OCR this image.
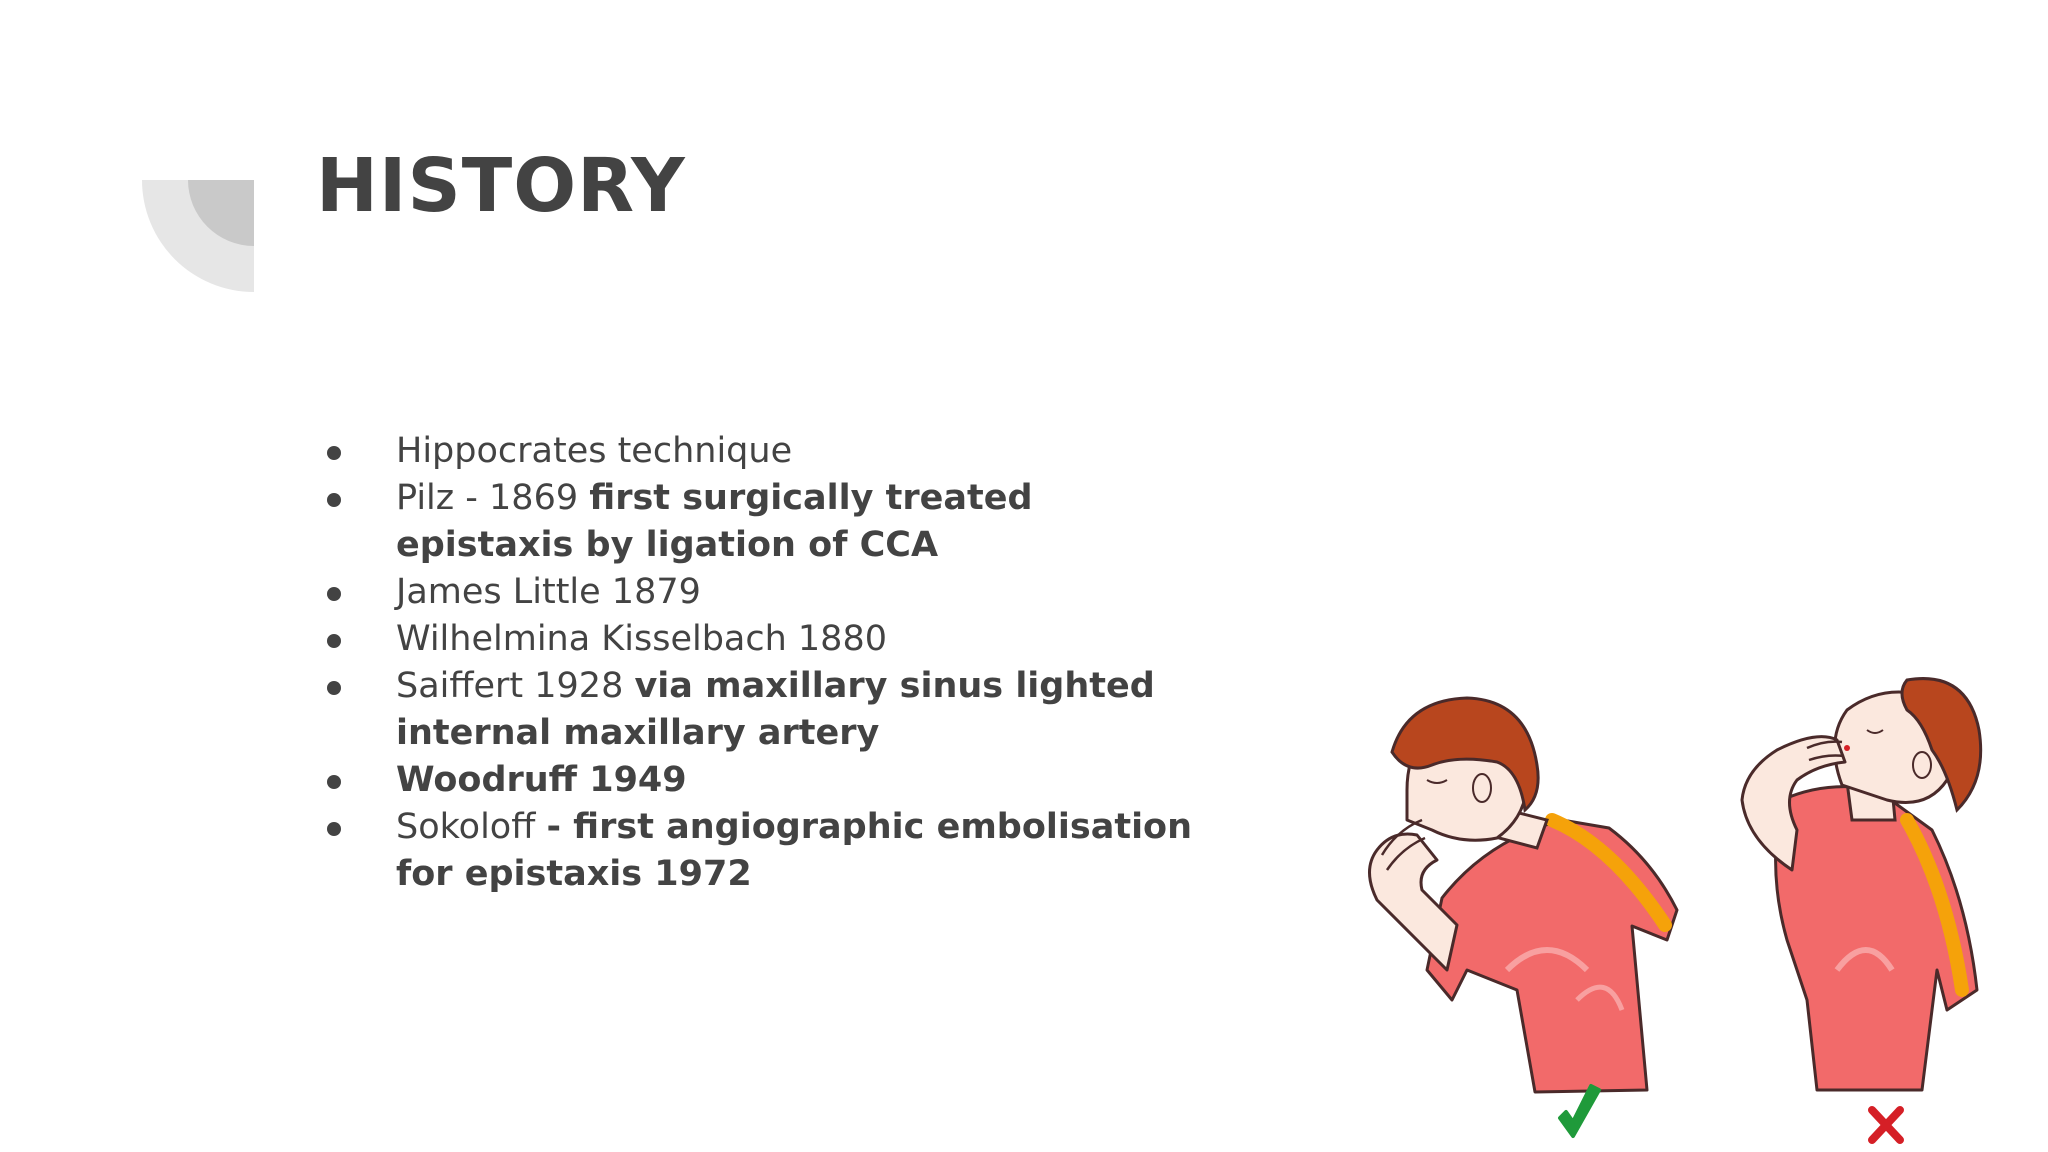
HISTORY
Hippocrates technique
Pilz - 1869 first surgically treated epistaxis by ligation of CCA
James Little 1879
Wilhelmina Kisselbach 1880
Saiffert 1928 via maxillary sinus lighted internal maxillary artery
Woodruff 1949
Sokoloff - first angiographic embolisation for epistaxis 1972
